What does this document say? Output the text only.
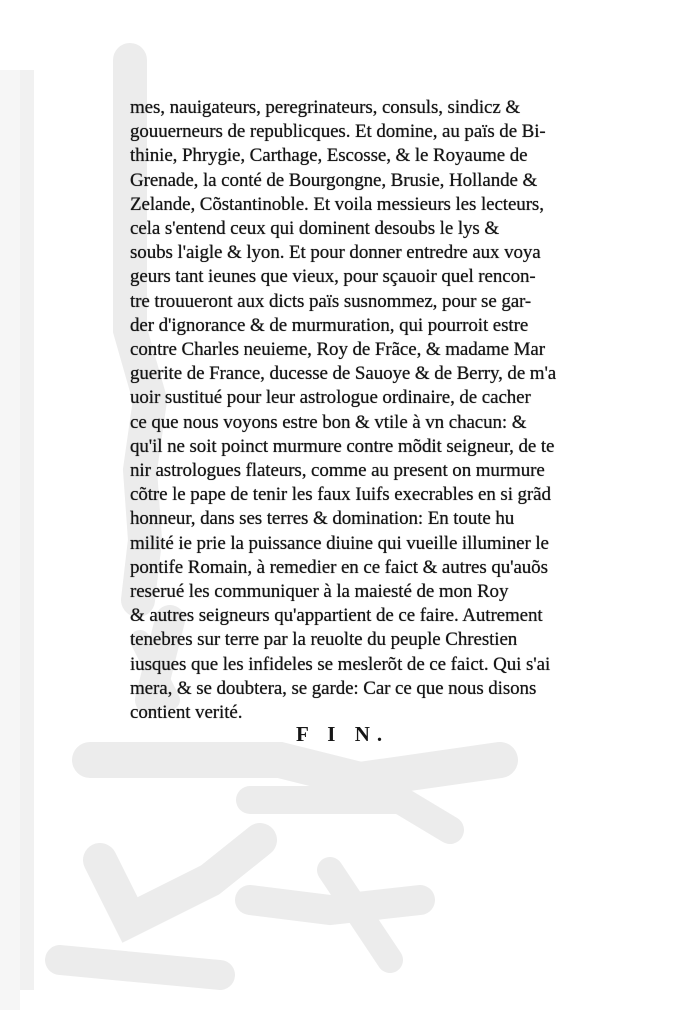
mes, nauigateurs, peregrinateurs, consuls, sindicz &
gouuerneurs de republicques. Et domine, au païs de Bi-
thinie, Phrygie, Carthage, Escosse, & le Royaume de
Grenade, la conté de Bourgongne, Brusie, Hollande &
Zelande, Cõstantinoble. Et voila messieurs les lecteurs,
cela s'entend ceux qui dominent desoubs le lys &
soubs l'aigle & lyon. Et pour donner entredre aux voya
geurs tant ieunes que vieux, pour sçauoir quel rencon-
tre trouueront aux dicts païs susnommez, pour se gar-
der d'ignorance & de murmuration, qui pourroit estre
contre Charles neuieme, Roy de Frãce, & madame Mar
guerite de France, ducesse de Sauoye & de Berry, de m'a
uoir sustitué pour leur astrologue ordinaire, de cacher
ce que nous voyons estre bon & vtile à vn chacun: &
qu'il ne soit poinct murmure contre mõdit seigneur, de te
nir astrologues flateurs, comme au present on murmure
cõtre le pape de tenir les faux Iuifs execrables en si grãd
honneur, dans ses terres & domination: En toute hu
milité ie prie la puissance diuine qui vueille illuminer le
pontife Romain, à remedier en ce faict & autres qu'auõs
reserué les communiquer à la maiesté de mon Roy
& autres seigneurs qu'appartient de ce faire. Autrement
tenebres sur terre par la reuolte du peuple Chrestien
iusques que les infideles se meslerõt de ce faict. Qui s'ai
mera, & se doubtera, se garde: Car ce que nous disons
contient verité.
F I N.
